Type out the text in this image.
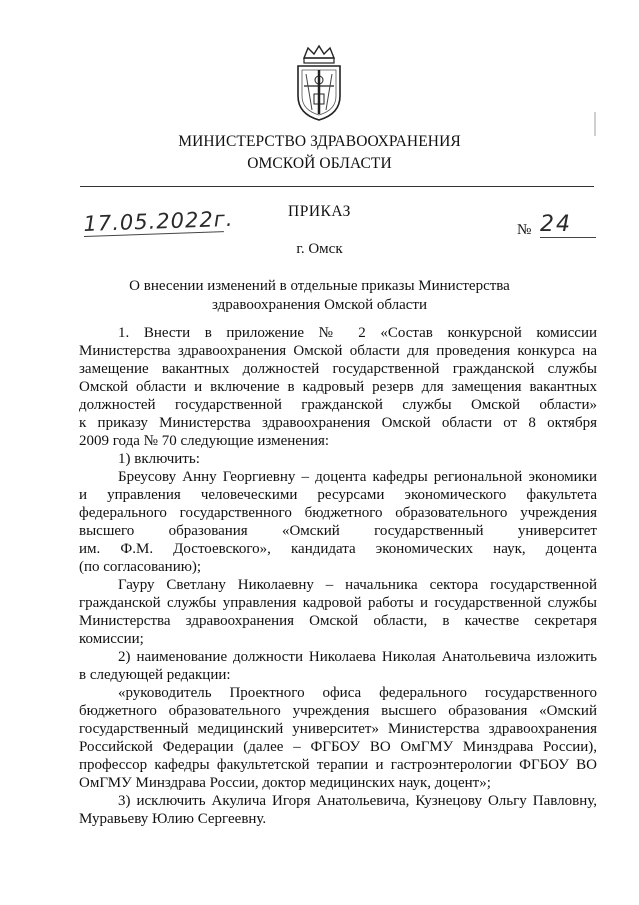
МИНИСТЕРСТВО ЗДРАВООХРАНЕНИЯ
ОМСКОЙ ОБЛАСТИ
ПРИКАЗ
17.05.2022г.	№ 24
г. Омск
О внесении изменений в отдельные приказы Министерства
здравоохранения Омской области
1. Внести в приложение № 2 «Состав конкурсной комиссии
Министерства здравоохранения Омской области для проведения конкурса на
замещение вакантных должностей государственной гражданской службы
Омской области и включение в кадровый резерв для замещения вакантных
должностей государственной гражданской службы Омской области»
к приказу Министерства здравоохранения Омской области от 8 октября
2009 года № 70 следующие изменения:
1) включить:
Бреусову Анну Георгиевну – доцента кафедры региональной экономики
и управления человеческими ресурсами экономического факультета
федерального государственного бюджетного образовательного учреждения
высшего образования «Омский государственный университет
им. Ф.М. Достоевского», кандидата экономических наук, доцента
(по согласованию);
Гауру Светлану Николаевну – начальника сектора государственной
гражданской службы управления кадровой работы и государственной службы
Министерства здравоохранения Омской области, в качестве секретаря
комиссии;
2) наименование должности Николаева Николая Анатольевича изложить
в следующей редакции:
«руководитель Проектного офиса федерального государственного
бюджетного образовательного учреждения высшего образования «Омский
государственный медицинский университет» Министерства здравоохранения
Российской Федерации (далее – ФГБОУ ВО ОмГМУ Минздрава России),
профессор кафедры факультетской терапии и гастроэнтерологии ФГБОУ ВО
ОмГМУ Минздрава России, доктор медицинских наук, доцент»;
3) исключить Акулича Игоря Анатольевича, Кузнецову Ольгу Павловну,
Муравьеву Юлию Сергеевну.
